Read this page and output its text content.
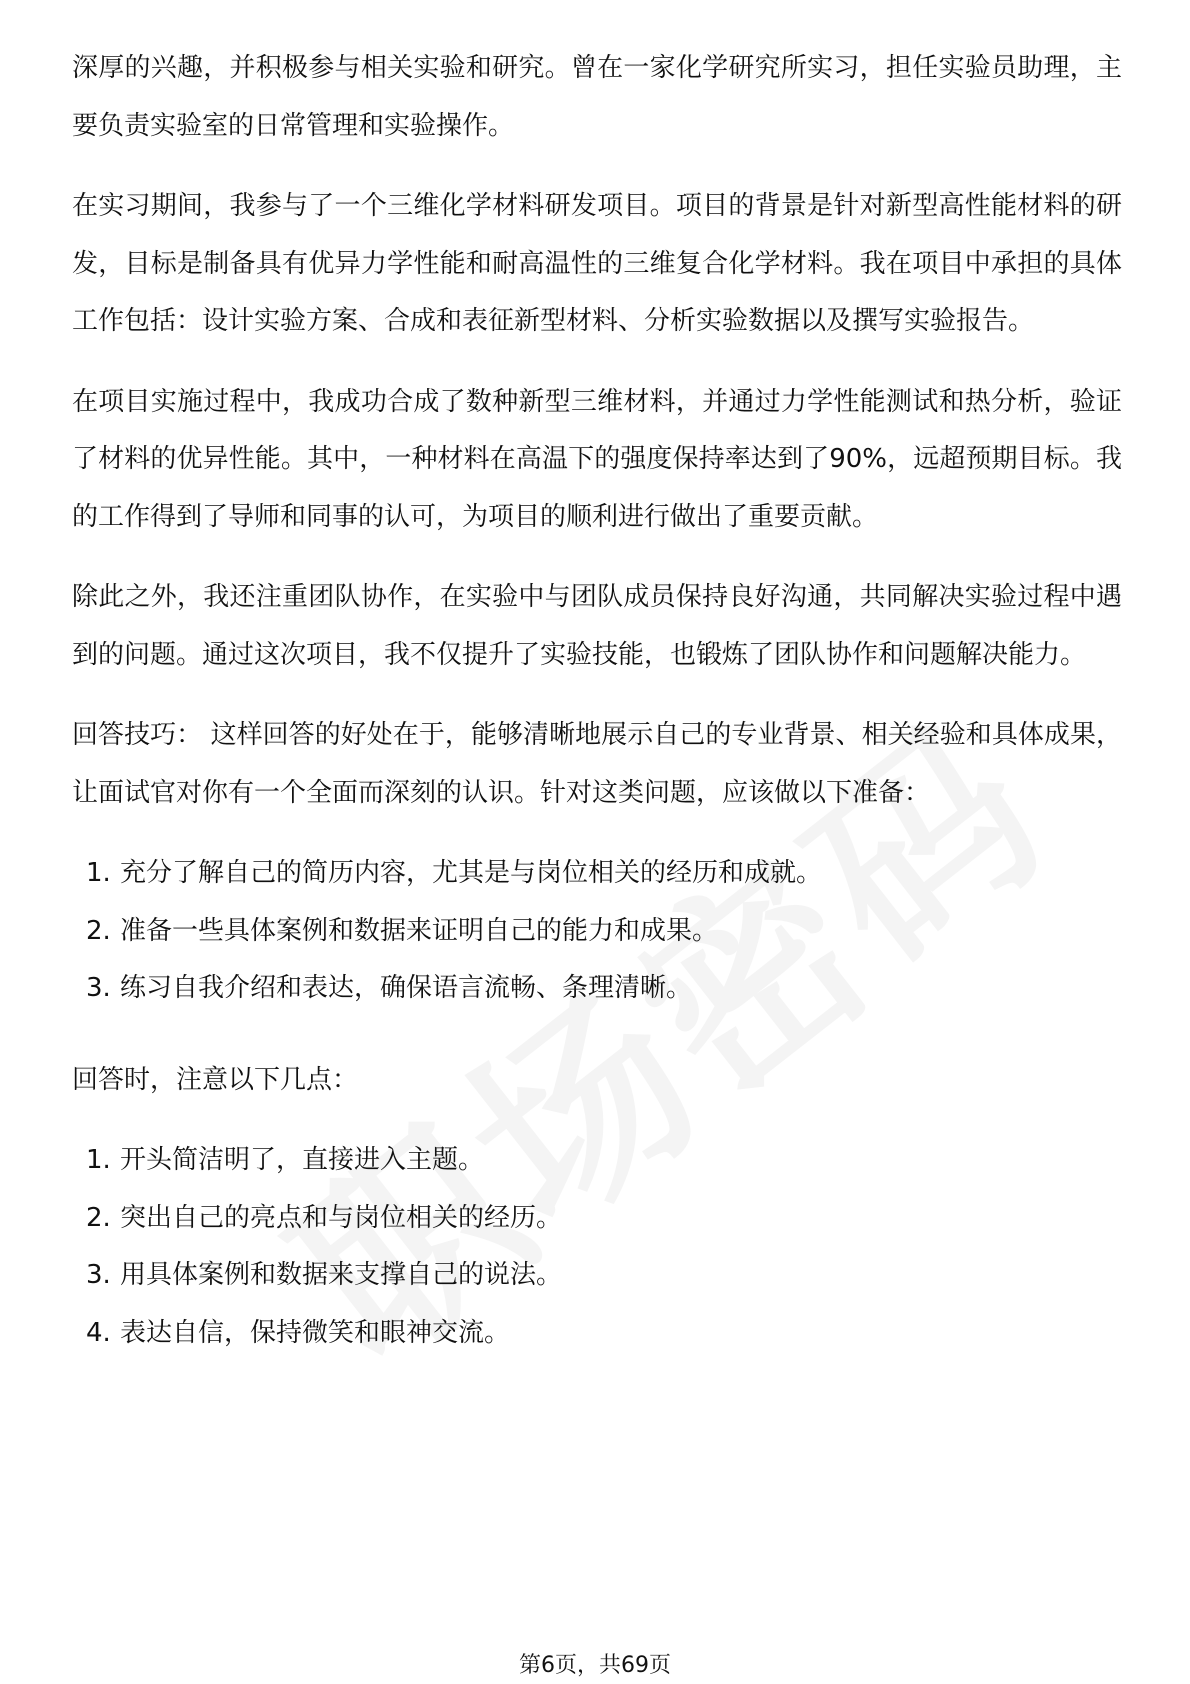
深厚的兴趣，并积极参与相关实验和研究。曾在一家化学研究所实习，担任实验员助理，主要负责实验室的日常管理和实验操作。

在实习期间，我参与了一个三维化学材料研发项目。项目的背景是针对新型高性能材料的研发，目标是制备具有优异力学性能和耐高温性的三维复合化学材料。我在项目中承担的具体工作包括：设计实验方案、合成和表征新型材料、分析实验数据以及撰写实验报告。

在项目实施过程中，我成功合成了数种新型三维材料，并通过力学性能测试和热分析，验证了材料的优异性能。其中，一种材料在高温下的强度保持率达到了90%，远超预期目标。我的工作得到了导师和同事的认可，为项目的顺利进行做出了重要贡献。

除此之外，我还注重团队协作，在实验中与团队成员保持良好沟通，共同解决实验过程中遇到的问题。通过这次项目，我不仅提升了实验技能，也锻炼了团队协作和问题解决能力。

回答技巧： 这样回答的好处在于，能够清晰地展示自己的专业背景、相关经验和具体成果，让面试官对你有一个全面而深刻的认识。针对这类问题，应该做以下准备：

1. 充分了解自己的简历内容，尤其是与岗位相关的经历和成就。
2. 准备一些具体案例和数据来证明自己的能力和成果。
3. 练习自我介绍和表达，确保语言流畅、条理清晰。

回答时，注意以下几点：

1. 开头简洁明了，直接进入主题。
2. 突出自己的亮点和与岗位相关的经历。
3. 用具体案例和数据来支撑自己的说法。
4. 表达自信，保持微笑和眼神交流。
第6页，共69页
